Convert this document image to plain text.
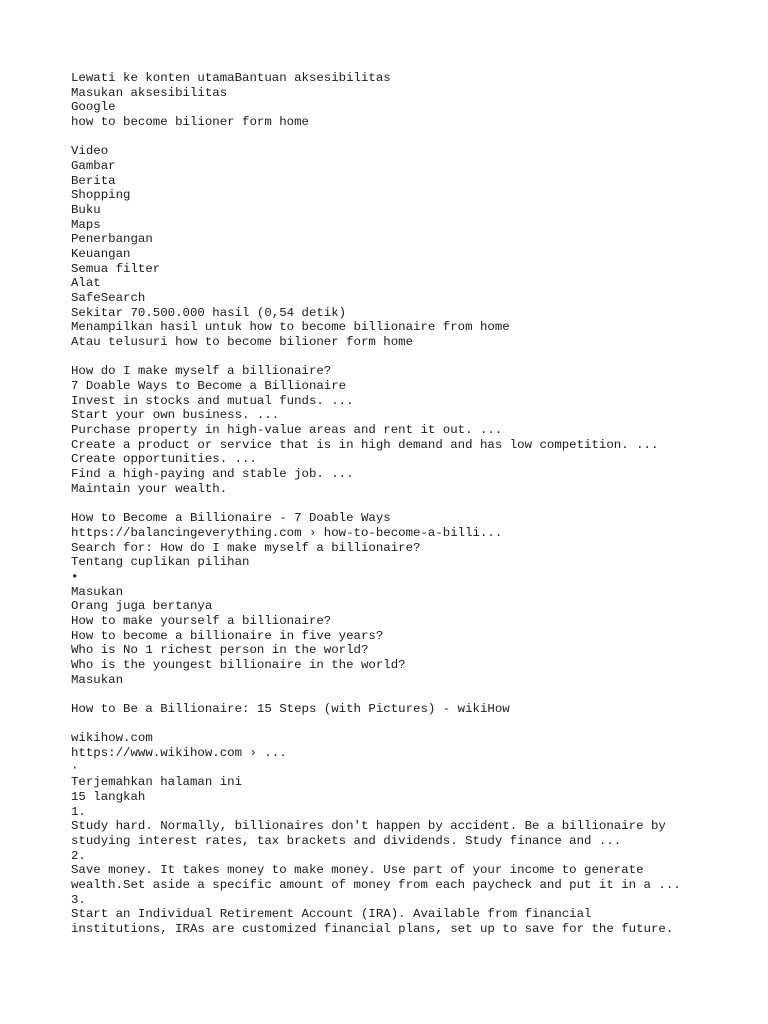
Lewati ke konten utamaBantuan aksesibilitas
Masukan aksesibilitas
Google
how to become bilioner form home
Video
Gambar
Berita
Shopping
Buku
Maps
Penerbangan
Keuangan
Semua filter
Alat
SafeSearch
Sekitar 70.500.000 hasil (0,54 detik)
Menampilkan hasil untuk how to become billionaire from home
Atau telusuri how to become bilioner form home
How do I make myself a billionaire?
7 Doable Ways to Become a Billionaire
Invest in stocks and mutual funds. ...
Start your own business. ...
Purchase property in high-value areas and rent it out. ...
Create a product or service that is in high demand and has low competition. ...
Create opportunities. ...
Find a high-paying and stable job. ...
Maintain your wealth.
How to Become a Billionaire - 7 Doable Ways
https://balancingeverything.com › how-to-become-a-billi...
Search for: How do I make myself a billionaire?
Tentang cuplikan pilihan
•
Masukan
Orang juga bertanya
How to make yourself a billionaire?
How to become a billionaire in five years?
Who is No 1 richest person in the world?
Who is the youngest billionaire in the world?
Masukan
How to Be a Billionaire: 15 Steps (with Pictures) - wikiHow
wikihow.com
https://www.wikihow.com › ...
·
Terjemahkan halaman ini
15 langkah
1.
Study hard. Normally, billionaires don't happen by accident. Be a billionaire by
studying interest rates, tax brackets and dividends. Study finance and ...
2.
Save money. It takes money to make money. Use part of your income to generate
wealth.Set aside a specific amount of money from each paycheck and put it in a ...
3.
Start an Individual Retirement Account (IRA). Available from financial
institutions, IRAs are customized financial plans, set up to save for the future.
